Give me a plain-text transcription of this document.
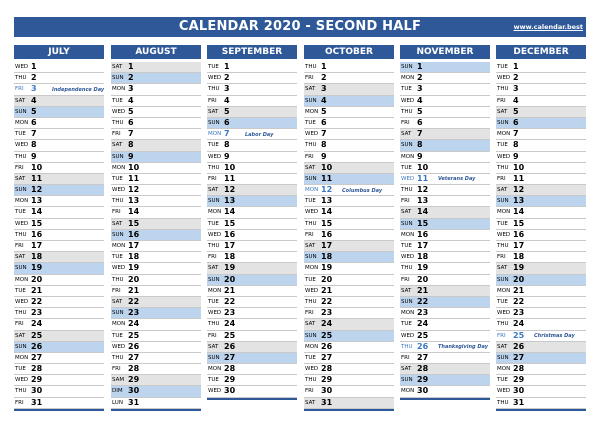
CALENDAR 2020 - SECOND HALF	www.calendar.best
JULY
WED 1
THU 2
FRI 3	Independence Day
SAT 4
SUN 5
MON 6
TUE 7
WED 8
THU 9
FRI 10
SAT 11
SUN 12
MON 13
TUE 14
WED 15
THU 16
FRI 17
SAT 18
SUN 19
MON 20
TUE 21
WED 22
THU 23
FRI 24
SAT 25
SUN 26
MON 27
TUE 28
WED 29
THU 30
FRI 31
AUGUST
SAT 1
SUN 2
MON 3
TUE 4
WED 5
THU 6
FRI 7
SAT 8
SUN 9
MON 10
TUE 11
WED 12
THU 13
FRI 14
SAT 15
SUN 16
MON 17
TUE 18
WED 19
THU 20
FRI 21
SAT 22
SUN 23
MON 24
TUE 25
WED 26
THU 27
FRI 28
SAM 29
DIM 30
LUN 31
SEPTEMBER
TUE 1
WED 2
THU 3
FRI 4
SAT 5
SUN 6
MON 7	Labor Day
TUE 8
WED 9
THU 10
FRI 11
SAT 12
SUN 13
MON 14
TUE 15
WED 16
THU 17
FRI 18
SAT 19
SUN 20
MON 21
TUE 22
WED 23
THU 24
FRI 25
SAT 26
SUN 27
MON 28
TUE 29
WED 30
OCTOBER
THU 1
FRI 2
SAT 3
SUN 4
MON 5
TUE 6
WED 7
THU 8
FRI 9
SAT 10
SUN 11
MON 12 Columbus Day
TUE 13
WED 14
THU 15
FRI 16
SAT 17
SUN 18
MON 19
TUE 20
WED 21
THU 22
FRI 23
SAT 24
SUN 25
MON 26
TUE 27
WED 28
THU 29
FRI 30
SAT 31
NOVEMBER
SUN 1
MON 2
TUE 3
WED 4
THU 5
FRI 6
SAT 7
SUN 8
MON 9
TUE 10
WED 11 Veterans Day
THU 12
FRI 13
SAT 14
SUN 15
MON 16
TUE 17
WED 18
THU 19
FRI 20
SAT 21
SUN 22
MON 23
TUE 24
WED 25
THU 26 Thanksgiving Day
FRI 27
SAT 28
SUN 29
MON 30
DECEMBER
TUE 1
WED 2
THU 3
FRI 4
SAT 5
SUN 6
MON 7
TUE 8
WED 9
THU 10
FRI 11
SAT 12
SUN 13
MON 14
TUE 15
WED 16
THU 17
FRI 18
SAT 19
SUN 20
MON 21
TUE 22
WED 23
THU 24
FRI 25 Christmas Day
SAT 26
SUN 27
MON 28
TUE 29
WED 30
THU 31
